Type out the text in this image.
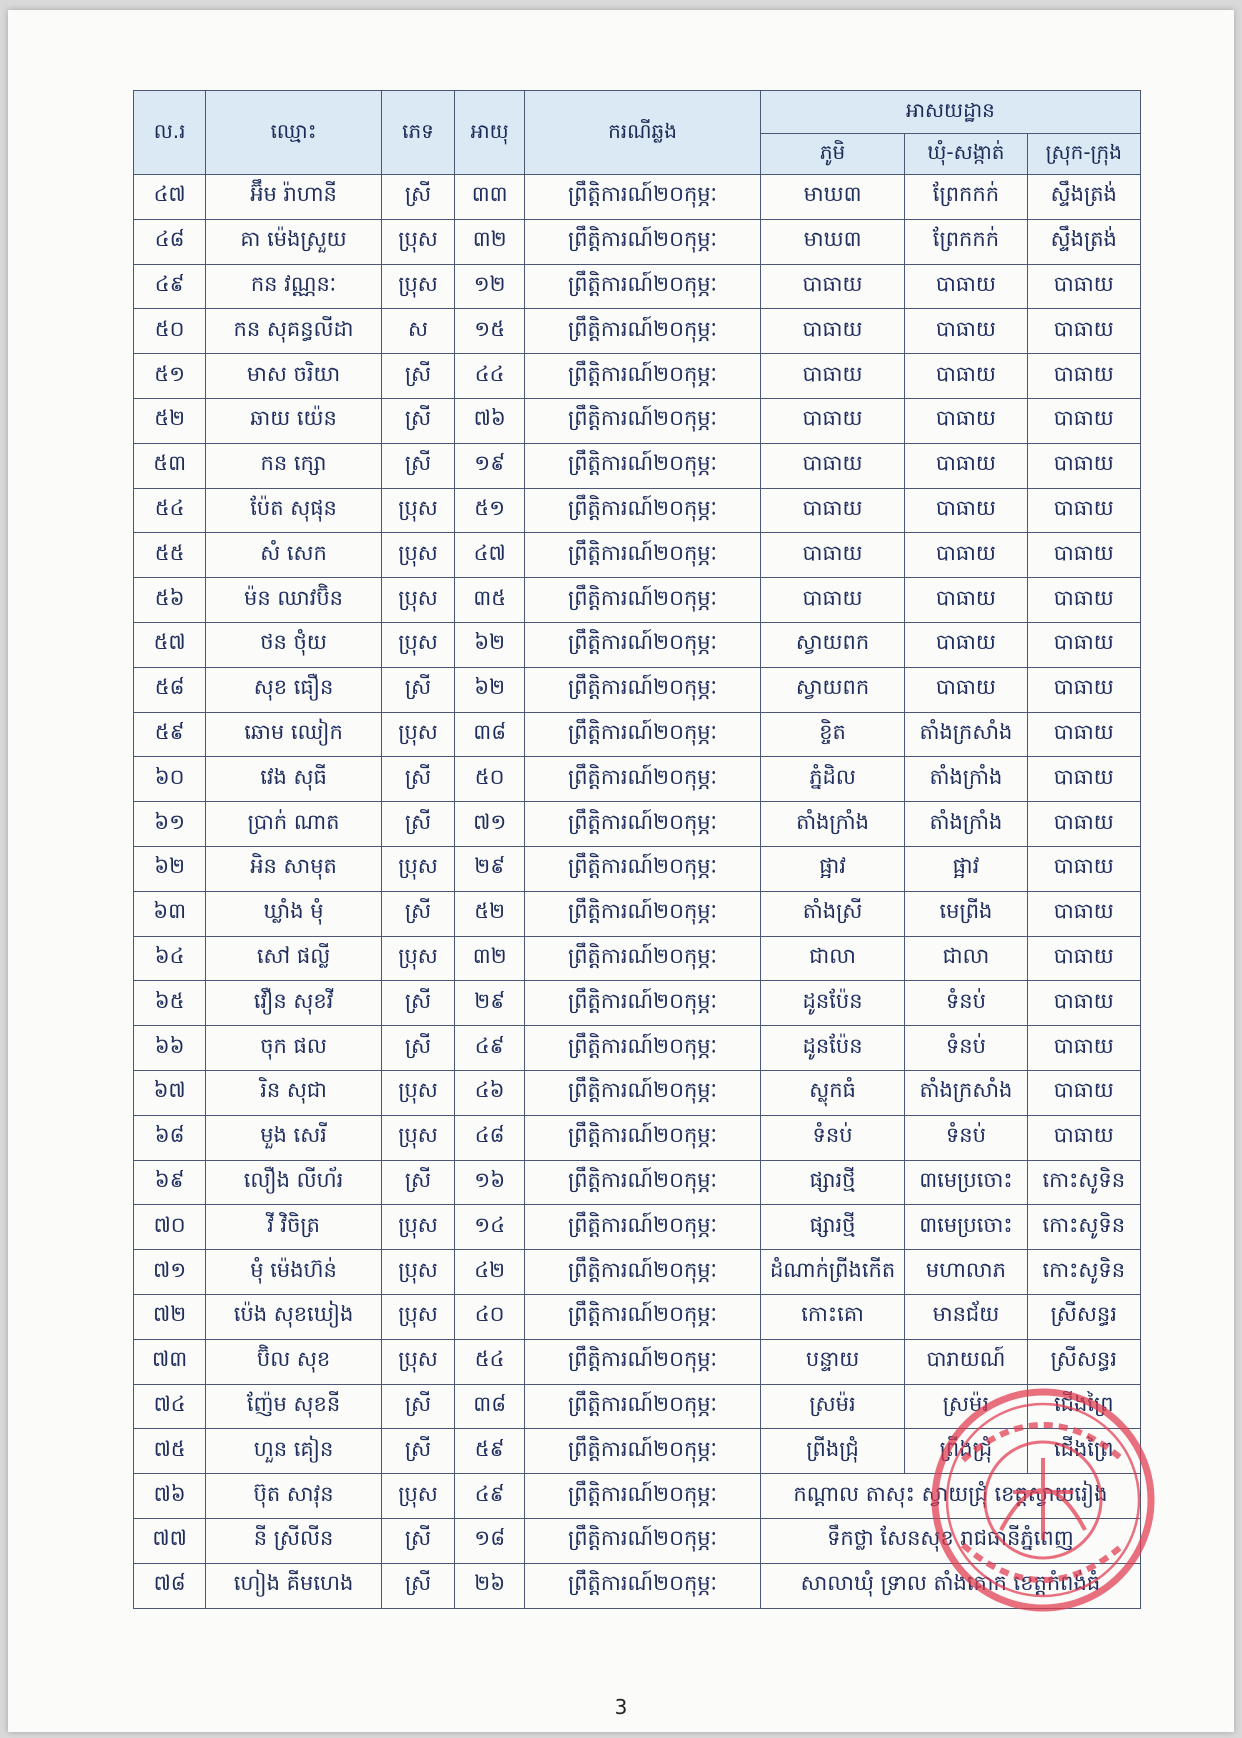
ល.រ	ឈ្មោះ	ភេទ	អាយុ	ករណីឆ្លង	អាសយដ្ឋាន		
					ភូមិ	ឃុំ-សង្កាត់	ស្រុក-ក្រុង
៤៧	អ៊ឹម រ៉ាហានី	ស្រី	៣៣	ព្រឹត្តិការណ៍២០កុម្ភៈ	មាឃ៣	ព្រែកកក់	ស្ទឹងត្រង់
៤៨	គា ម៉េងស្រួយ	ប្រុស	៣២	ព្រឹត្តិការណ៍២០កុម្ភៈ	មាឃ៣	ព្រែកកក់	ស្ទឹងត្រង់
៤៩	កន វណ្ណនៈ	ប្រុស	១២	ព្រឹត្តិការណ៍២០កុម្ភៈ	បាធាយ	បាធាយ	បាធាយ
៥០	កន សុគន្ធលីដា	ស	១៥	ព្រឹត្តិការណ៍២០កុម្ភៈ	បាធាយ	បាធាយ	បាធាយ
៥១	មាស ចរិយា	ស្រី	៤៤	ព្រឹត្តិការណ៍២០កុម្ភៈ	បាធាយ	បាធាយ	បាធាយ
៥២	ឆាយ យ៉េន	ស្រី	៧៦	ព្រឹត្តិការណ៍២០កុម្ភៈ	បាធាយ	បាធាយ	បាធាយ
៥៣	កន ក្សោ	ស្រី	១៩	ព្រឹត្តិការណ៍២០កុម្ភៈ	បាធាយ	បាធាយ	បាធាយ
៥៤	ប៉ែត សុផុន	ប្រុស	៥១	ព្រឹត្តិការណ៍២០កុម្ភៈ	បាធាយ	បាធាយ	បាធាយ
៥៥	សំ សេក	ប្រុស	៤៧	ព្រឹត្តិការណ៍២០កុម្ភៈ	បាធាយ	បាធាយ	បាធាយ
៥៦	ម៉ន ឈាវប៊ិន	ប្រុស	៣៥	ព្រឹត្តិការណ៍២០កុម្ភៈ	បាធាយ	បាធាយ	បាធាយ
៥៧	ថន ថុំយ	ប្រុស	៦២	ព្រឹត្តិការណ៍២០កុម្ភៈ	ស្វាយពក	បាធាយ	បាធាយ
៥៨	សុខ ធឿន	ស្រី	៦២	ព្រឹត្តិការណ៍២០កុម្ភៈ	ស្វាយពក	បាធាយ	បាធាយ
៥៩	ឆោម ឈៀក	ប្រុស	៣៨	ព្រឹត្តិការណ៍២០កុម្ភៈ	ខ្ចិត	តាំងក្រសាំង	បាធាយ
៦០	វេង សុធី	ស្រី	៥០	ព្រឹត្តិការណ៍២០កុម្ភៈ	ភ្នំដិល	តាំងក្រាំង	បាធាយ
៦១	ប្រាក់ ណាត	ស្រី	៧១	ព្រឹត្តិការណ៍២០កុម្ភៈ	តាំងក្រាំង	តាំងក្រាំង	បាធាយ
៦២	អិន សាមុត	ប្រុស	២៩	ព្រឹត្តិការណ៍២០កុម្ភៈ	ផ្អាវ	ផ្អាវ	បាធាយ
៦៣	ឃ្លាំង មុំ	ស្រី	៥២	ព្រឹត្តិការណ៍២០កុម្ភៈ	តាំងស្រី	មេព្រីង	បាធាយ
៦៤	សៅ ផល្លី	ប្រុស	៣២	ព្រឹត្តិការណ៍២០កុម្ភៈ	ជាលា	ជាលា	បាធាយ
៦៥	វឿន សុខវី	ស្រី	២៩	ព្រឹត្តិការណ៍២០កុម្ភៈ	ដូនប៉ែន	ទំនប់	បាធាយ
៦៦	ចុក ផល	ស្រី	៤៩	ព្រឹត្តិការណ៍២០កុម្ភៈ	ដូនប៉ែន	ទំនប់	បាធាយ
៦៧	រិន សុជា	ប្រុស	៤៦	ព្រឹត្តិការណ៍២០កុម្ភៈ	ស្លុកធំ	តាំងក្រសាំង	បាធាយ
៦៨	មួង សេរី	ប្រុស	៤៨	ព្រឹត្តិការណ៍២០កុម្ភៈ	ទំនប់	ទំនប់	បាធាយ
៦៩	លឿង លីហ័រ	ស្រី	១៦	ព្រឹត្តិការណ៍២០កុម្ភៈ	ផ្សារថ្មី	៣មេប្រចោះ	កោះសូទិន
៧០	វី វិចិត្រ	ប្រុស	១៤	ព្រឹត្តិការណ៍២០កុម្ភៈ	ផ្សារថ្មី	៣មេប្រចោះ	កោះសូទិន
៧១	មុំ ម៉េងហ៊ន់	ប្រុស	៤២	ព្រឹត្តិការណ៍២០កុម្ភៈ	ដំណាក់ព្រីងកើត	មហាលាភ	កោះសូទិន
៧២	ប៉េង សុខឃៀង	ប្រុស	៤០	ព្រឹត្តិការណ៍២០កុម្ភៈ	កោះគោ	មានជ័យ	ស្រីសន្ធរ
៧៣	ប៊ិល សុខ	ប្រុស	៥៤	ព្រឹត្តិការណ៍២០កុម្ភៈ	បន្ទាយ	បារាយណ៍	ស្រីសន្ធរ
៧៤	ញ៉ែម សុខនី	ស្រី	៣៨	ព្រឹត្តិការណ៍២០កុម្ភៈ	ស្រម៉រ	ស្រម៉រ	ជើងព្រៃ
៧៥	ហួន គៀន	ស្រី	៥៩	ព្រឹត្តិការណ៍២០កុម្ភៈ	ព្រីងជ្រុំ	ព្រីងជ្រុំ	ជើងព្រៃ
៧៦	ប៊ុត សាវុន	ប្រុស	៤៩	ព្រឹត្តិការណ៍២០កុម្ភៈ	កណ្តាល តាសុះ ស្វាយជ្រុំ ខេត្តស្វាយរៀង		
៧៧	នី ស្រីលីន	ស្រី	១៨	ព្រឹត្តិការណ៍២០កុម្ភៈ	ទឹកថ្លា សែនសុខ រាជធានីភ្នំពេញ		
៧៨	ហៀង គីមហេង	ស្រី	២៦	ព្រឹត្តិការណ៍២០កុម្ភៈ	សាលាឃុំ ទ្រាល តាំងគោក ខេត្តកំពង់ធំ		
3
